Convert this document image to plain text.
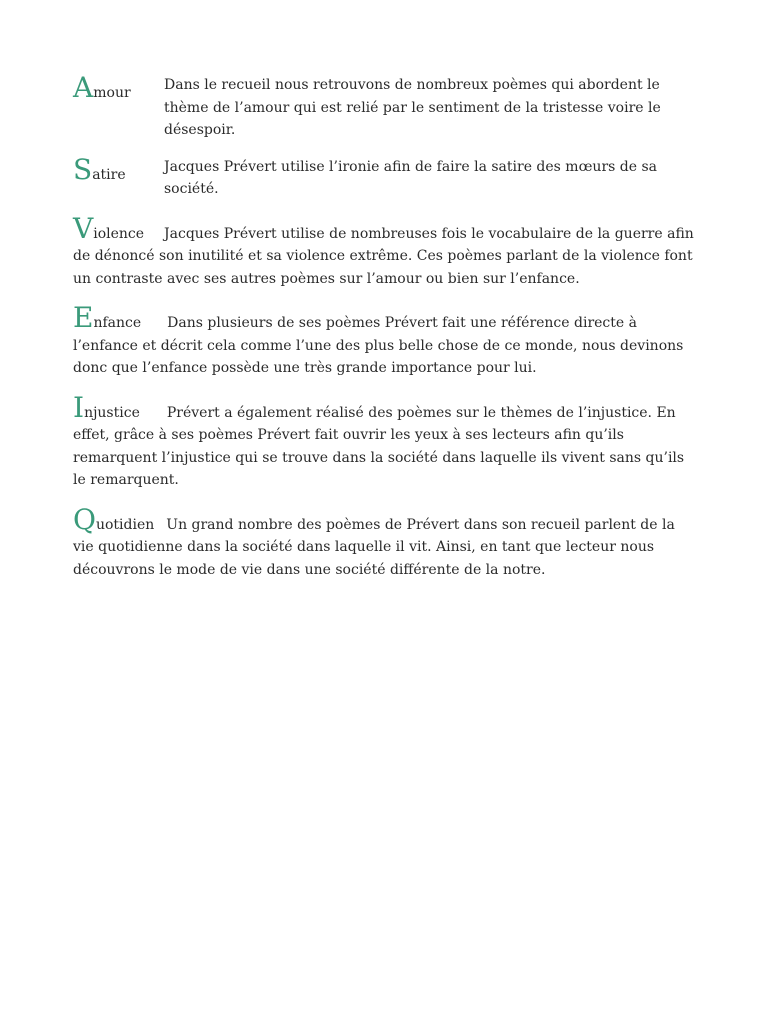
Amour Dans le recueil nous retrouvons de nombreux poèmes qui abordent le thème de l’amour qui est relié par le sentiment de la tristesse voire le désespoir.
Satire	Jacques Prévert utilise l’ironie afin de faire la satire des mœurs de sa société.
Violence Jacques Prévert utilise de nombreuses fois le vocabulaire de la guerre afin de dénoncé son inutilité et sa violence extrême. Ces poèmes parlant de la violence font un contraste avec ses autres poèmes sur l’amour ou bien sur l’enfance.
Enfance Dans plusieurs de ses poèmes Prévert fait une référence directe à l’enfance et décrit cela comme l’une des plus belle chose de ce monde, nous devinons donc que l’enfance possède une très grande importance pour lui.
Injustice Prévert a également réalisé des poèmes sur le thèmes de l’injustice. En effet, grâce à ses poèmes Prévert fait ouvrir les yeux à ses lecteurs afin qu’ils remarquent l’injustice qui se trouve dans la société dans laquelle ils vivent sans qu’ils le remarquent.
Quotidien Un grand nombre des poèmes de Prévert dans son recueil parlent de la vie quotidienne dans la société dans laquelle il vit. Ainsi, en tant que lecteur nous découvrons le mode de vie dans une société différente de la notre.
